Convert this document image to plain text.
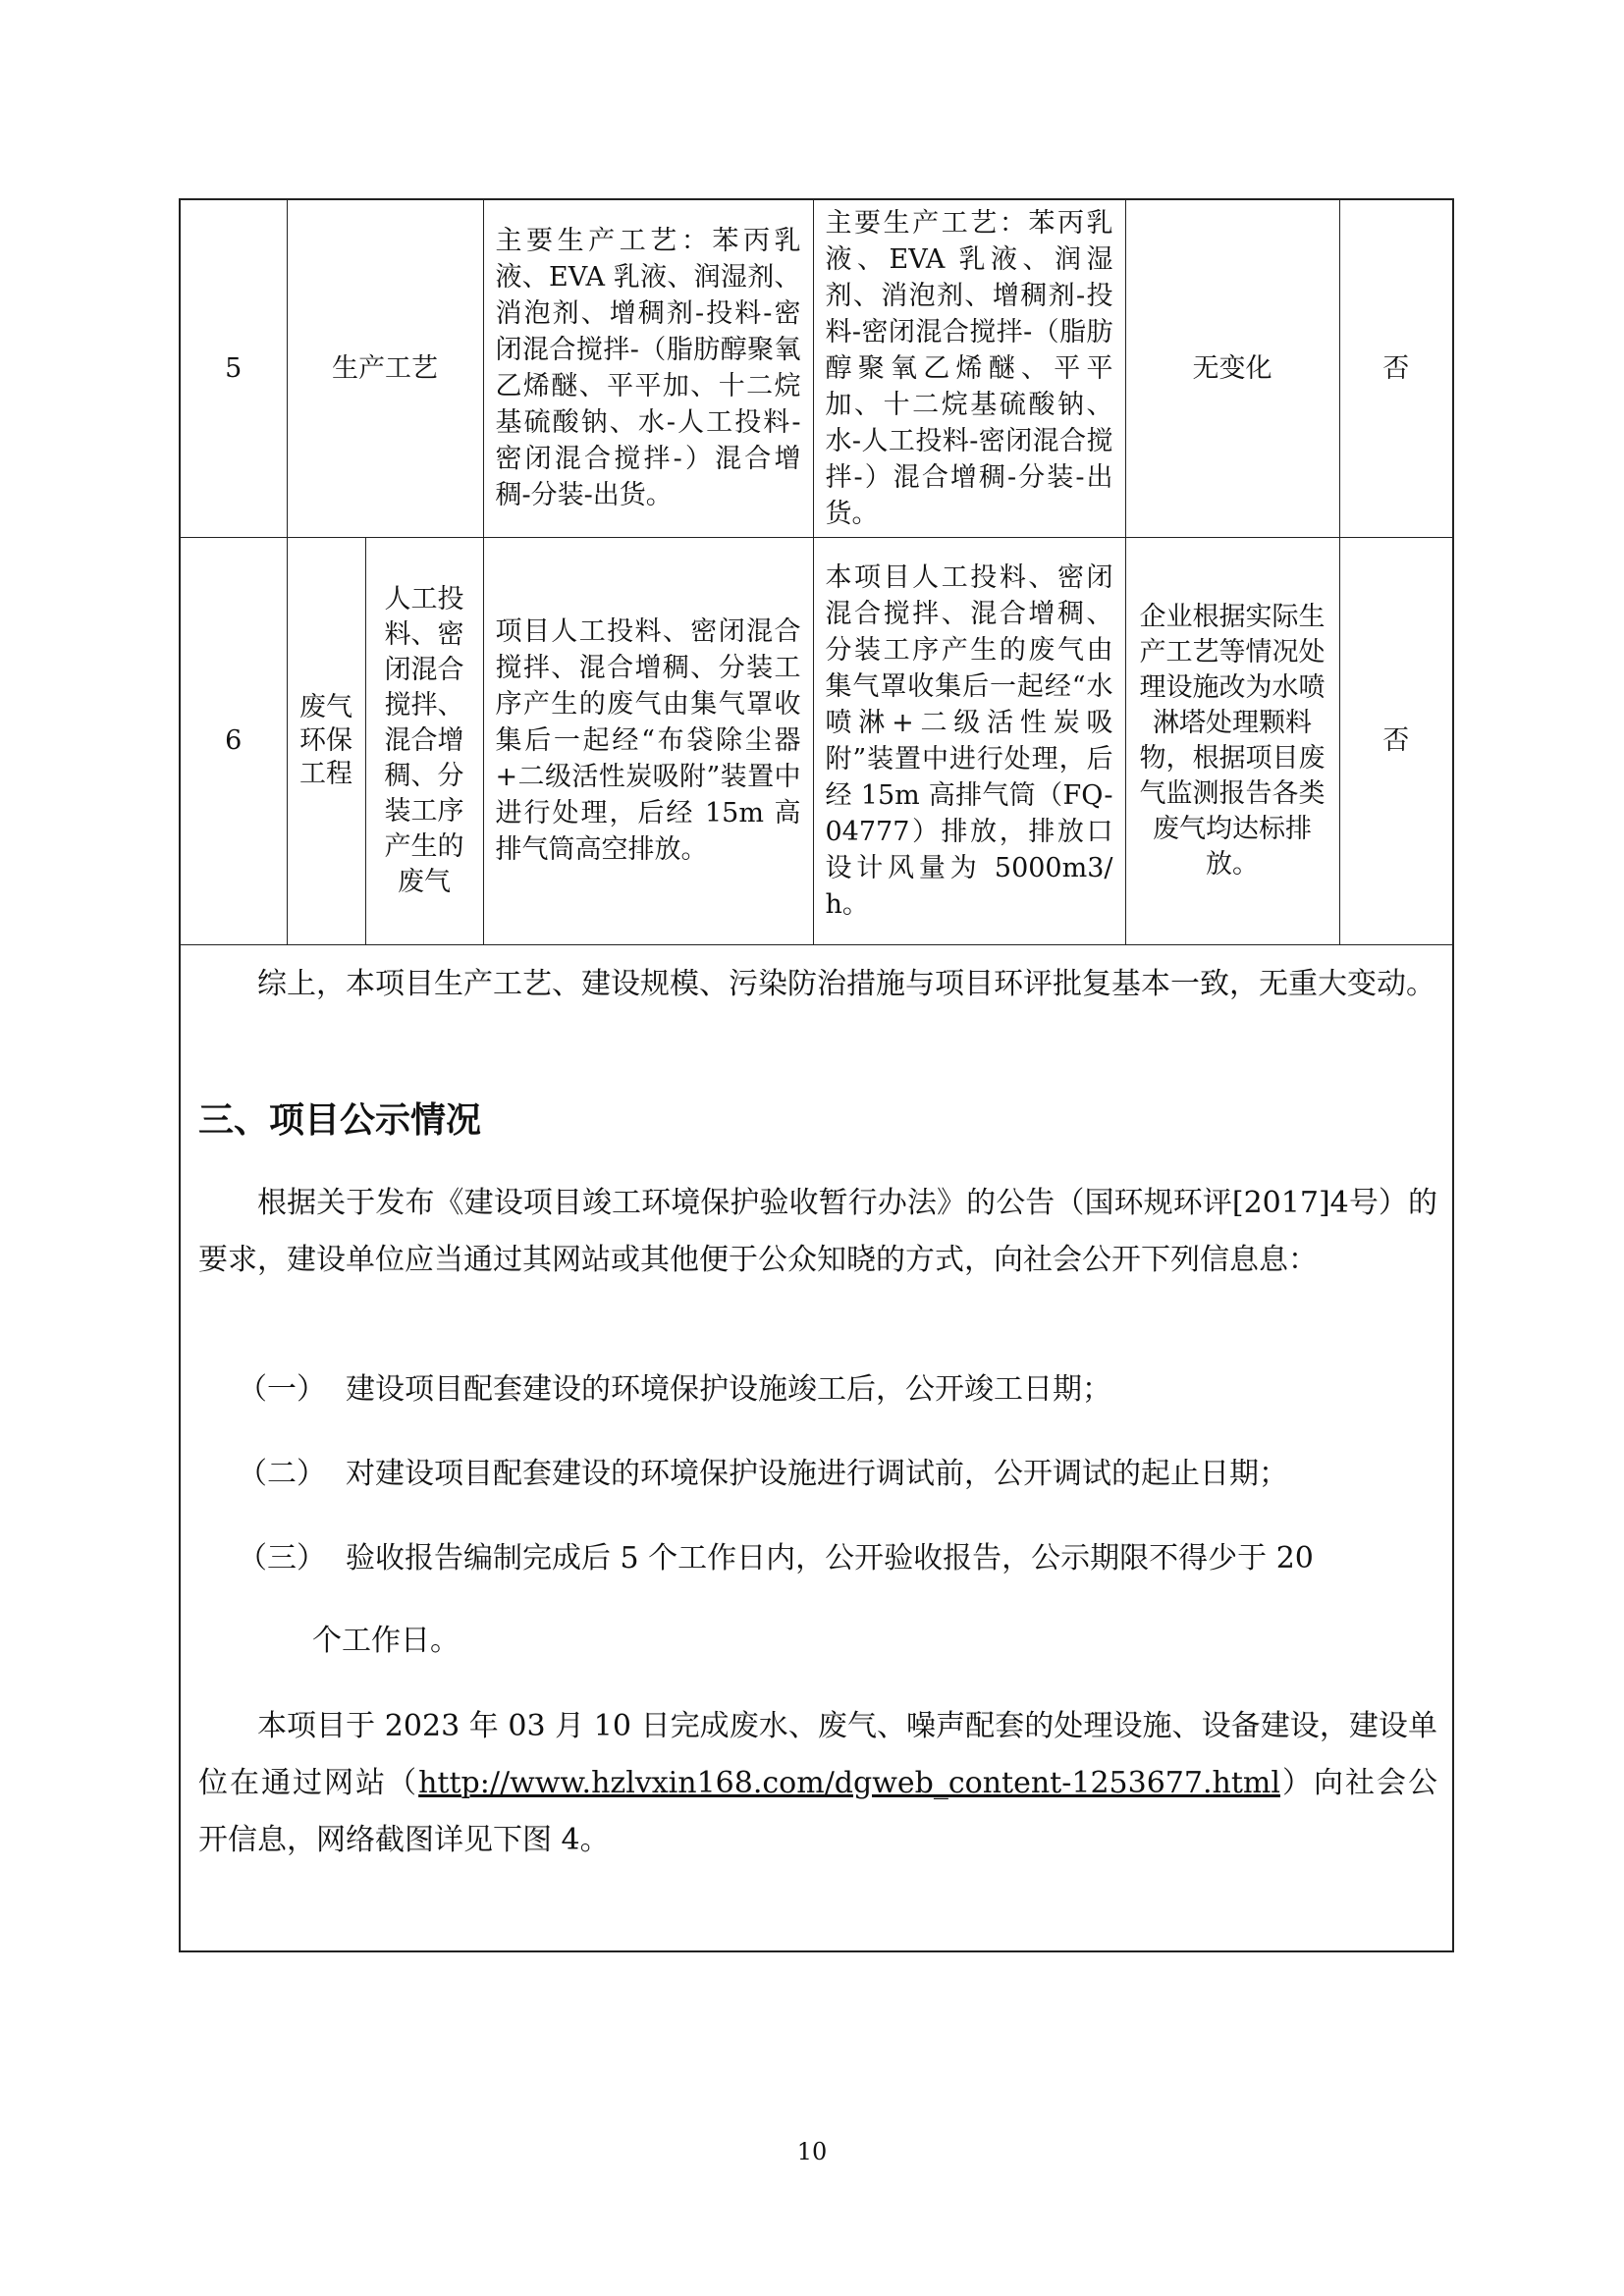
5	生产工艺		主要生产工艺：苯丙乳液、EVA 乳液、润湿剂、消泡剂、增稠剂-投料-密闭混合搅拌-（脂肪醇聚氧乙烯醚、平平加、十二烷基硫酸钠、水-人工投料-密闭混合搅拌-）混合增稠-分装-出货。	主要生产工艺：苯丙乳液、EVA 乳液、润湿剂、消泡剂、增稠剂-投料-密闭混合搅拌-（脂肪醇聚氧乙烯醚、平平加、十二烷基硫酸钠、水-人工投料-密闭混合搅拌-）混合增稠-分装-出货。	无变化	否
6	废气环保工程	人工投料、密闭混合搅拌、混合增稠、分装工序产生的废气	项目人工投料、密闭混合搅拌、混合增稠、分装工序产生的废气由集气罩收集后一起经“布袋除尘器+二级活性炭吸附”装置中进行处理，后经 15m 高排气筒高空排放。	本项目人工投料、密闭混合搅拌、混合增稠、分装工序产生的废气由集气罩收集后一起经“水喷淋+二级活性炭吸附”装置中进行处理，后经 15m 高排气筒（FQ-04777）排放，排放口设计风量为 5000m3/h。	企业根据实际生产工艺等情况处理设施改为水喷淋塔处理颗料物，根据项目废气监测报告各类废气均达标排放。	否
综上，本项目生产工艺、建设规模、污染防治措施与项目环评批复基本一致，无重大变动。
三、项目公示情况
根据关于发布《建设项目竣工环境保护验收暂行办法》的公告（国环规环评[2017]4号）的要求，建设单位应当通过其网站或其他便于公众知晓的方式，向社会公开下列信息息：
（一） 建设项目配套建设的环境保护设施竣工后，公开竣工日期；
（二） 对建设项目配套建设的环境保护设施进行调试前，公开调试的起止日期；
（三） 验收报告编制完成后 5 个工作日内，公开验收报告，公示期限不得少于 20
个工作日。
本项目于 2023 年 03 月 10 日完成废水、废气、噪声配套的处理设施、设备建设，建设单位在通过网站（http://www.hzlvxin168.com/dgweb_content-1253677.html）向社会公开信息，网络截图详见下图 4。
10
